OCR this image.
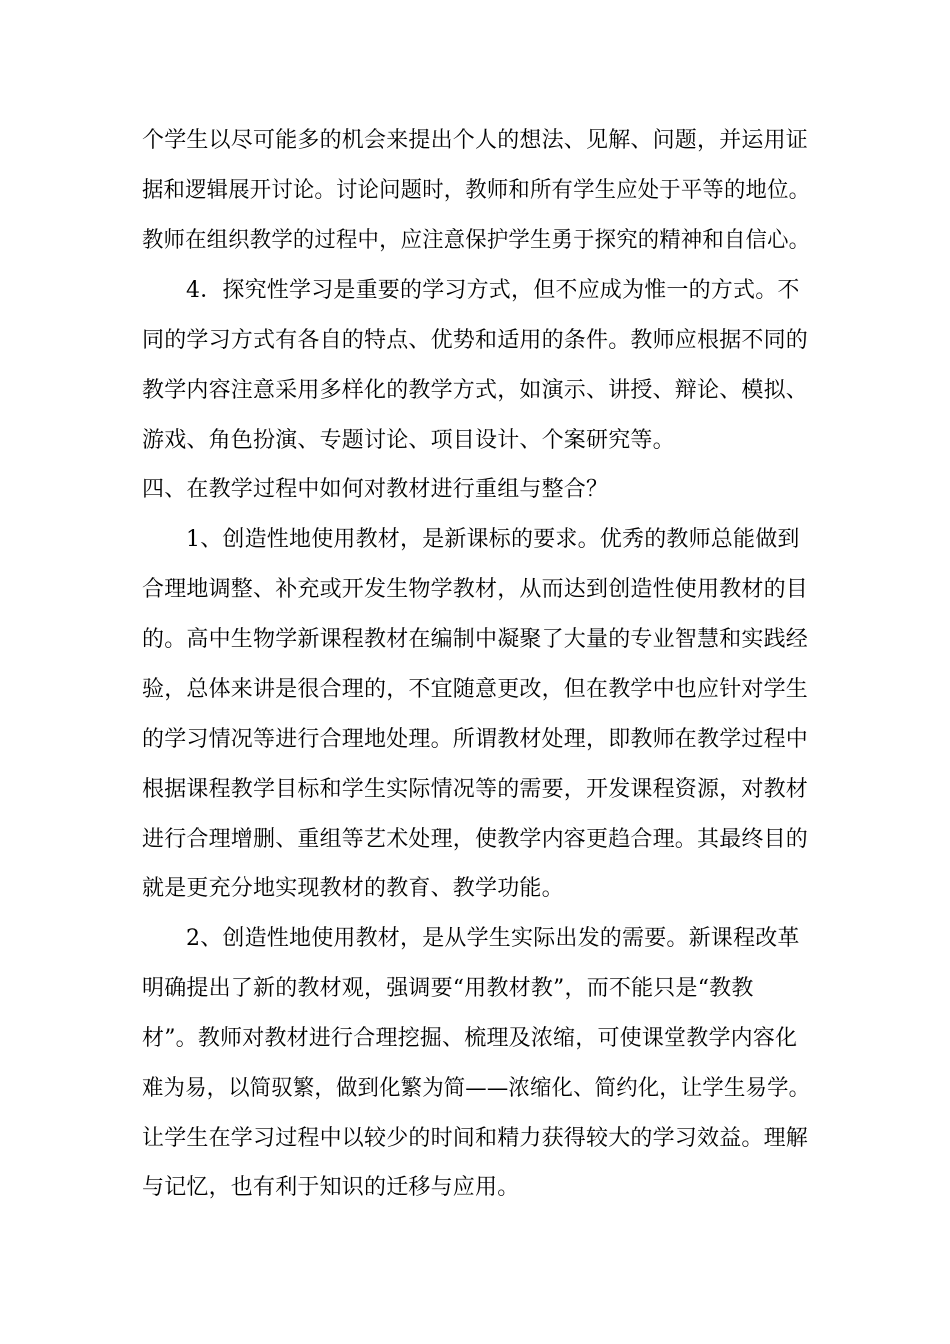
个学生以尽可能多的机会来提出个人的想法、见解、问题，并运用证
据和逻辑展开讨论。讨论问题时，教师和所有学生应处于平等的地位。
教师在组织教学的过程中，应注意保护学生勇于探究的精神和自信心。
4．探究性学习是重要的学习方式，但不应成为惟一的方式。不
同的学习方式有各自的特点、优势和适用的条件。教师应根据不同的
教学内容注意采用多样化的教学方式，如演示、讲授、辩论、模拟、
游戏、角色扮演、专题讨论、项目设计、个案研究等。
四、在教学过程中如何对教材进行重组与整合？
1、创造性地使用教材，是新课标的要求。优秀的教师总能做到
合理地调整、补充或开发生物学教材，从而达到创造性使用教材的目
的。高中生物学新课程教材在编制中凝聚了大量的专业智慧和实践经
验，总体来讲是很合理的，不宜随意更改，但在教学中也应针对学生
的学习情况等进行合理地处理。所谓教材处理，即教师在教学过程中
根据课程教学目标和学生实际情况等的需要，开发课程资源，对教材
进行合理增删、重组等艺术处理，使教学内容更趋合理。其最终目的
就是更充分地实现教材的教育、教学功能。
2、创造性地使用教材，是从学生实际出发的需要。新课程改革
明确提出了新的教材观，强调要“用教材教”，而不能只是“教教
材”。教师对教材进行合理挖掘、梳理及浓缩，可使课堂教学内容化
难为易，以简驭繁，做到化繁为简——浓缩化、简约化，让学生易学。
让学生在学习过程中以较少的时间和精力获得较大的学习效益。理解
与记忆，也有利于知识的迁移与应用。
